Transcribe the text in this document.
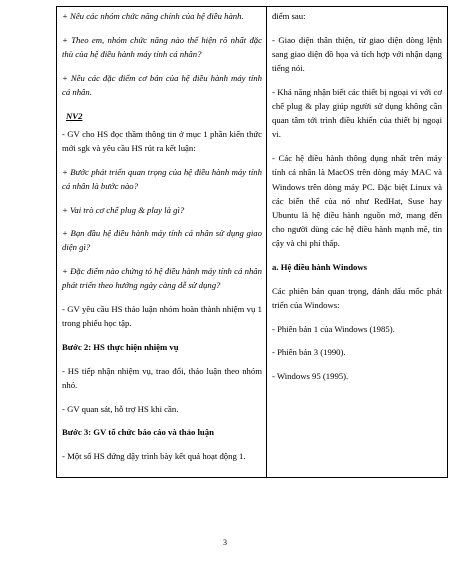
+ Nêu các nhóm chức năng chính của hệ điều hành.

+ Theo em, nhóm chức năng nào thể hiện rõ nhất đặc thù của hệ điều hành máy tính cá nhân?

+ Nêu các đặc điểm cơ bản của hệ điều hành máy tính cá nhân.

NV2

- GV cho HS đọc thầm thông tin ở mục 1 phần kiến thức mới sgk và yêu cầu HS rút ra kết luận:

+ Bước phát triển quan trọng của hệ điều hành máy tính cá nhân là bước nào?

+ Vai trò cơ chế plug & play là gì?

+ Bạn đầu hệ điều hành máy tính cá nhân sử dụng giao diện gì?

+ Đặc điểm nào chứng tỏ hệ điều hành máy tính cá nhân phát triển theo hướng ngày càng dễ sử dụng?

- GV yêu cầu HS thảo luận nhóm hoàn thành nhiệm vụ 1 trong phiếu học tập.

Bước 2: HS thực hiện nhiệm vụ

- HS tiếp nhận nhiệm vụ, trao đổi, thảo luận theo nhóm nhỏ.

- GV quan sát, hỗ trợ HS khi cần.

Bước 3: GV tổ chức báo cáo và thảo luận

- Một số HS đứng dậy trình bày kết quả hoạt động 1.

điểm sau:

- Giao diện thân thiện, từ giao diện dòng lệnh sang giao diện đồ họa và tích hợp với nhận dạng tiếng nói.

- Khả năng nhận biết các thiết bị ngoại vi với cơ chế plug & play giúp người sử dụng không cần quan tâm tới trình điều khiển của thiết bị ngoại vi.

- Các hệ điều hành thông dụng nhất trên máy tính cá nhân là MacOS trên dòng máy MAC và Windows trên dòng máy PC. Đặc biệt Linux và các biến thể của nó như RedHat, Suse hay Ubuntu là hệ điều hành nguồn mở, mang đến cho người dùng các hệ điều hành mạnh mẽ, tin cậy và chi phí thấp.

a. Hệ điều hành Windows

Các phiên bản quan trọng, đánh dấu mốc phát triển của Windows:

- Phiên bản 1 của Windows (1985).

- Phiên bản 3 (1990).

- Windows 95 (1995).

3
